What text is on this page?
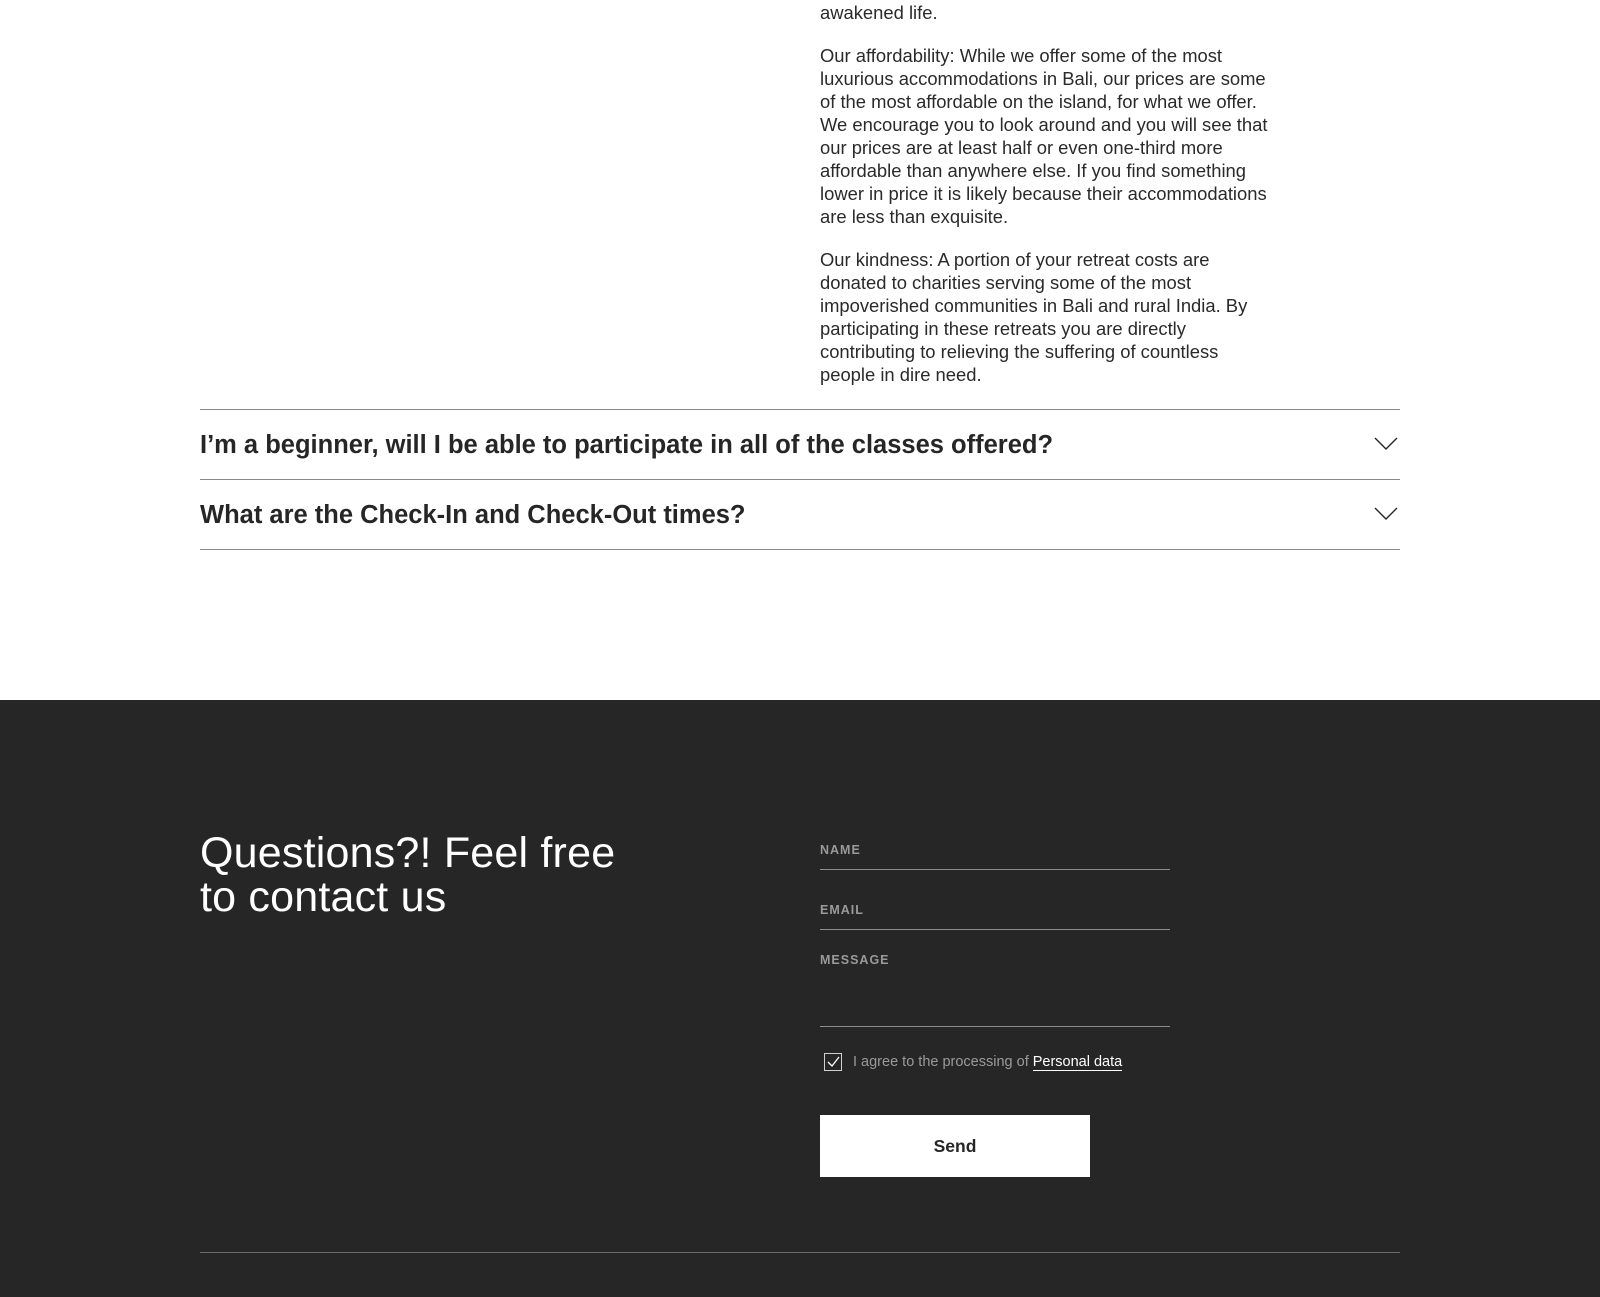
awakened life.

Our affordability: While we offer some of the most luxurious accommodations in Bali, our prices are some of the most affordable on the island, for what we offer. We encourage you to look around and you will see that our prices are at least half or even one-third more affordable than anywhere else. If you find something lower in price it is likely because their accommodations are less than exquisite.

Our kindness: A portion of your retreat costs are donated to charities serving some of the most impoverished communities in Bali and rural India. By participating in these retreats you are directly contributing to relieving the suffering of countless people in dire need.

I’m a beginner, will I be able to participate in all of the classes offered?
What are the Check-In and Check-Out times?
Questions?! Feel free to contact us
NAME
EMAIL
MESSAGE
I agree to the processing of Personal data
Send
